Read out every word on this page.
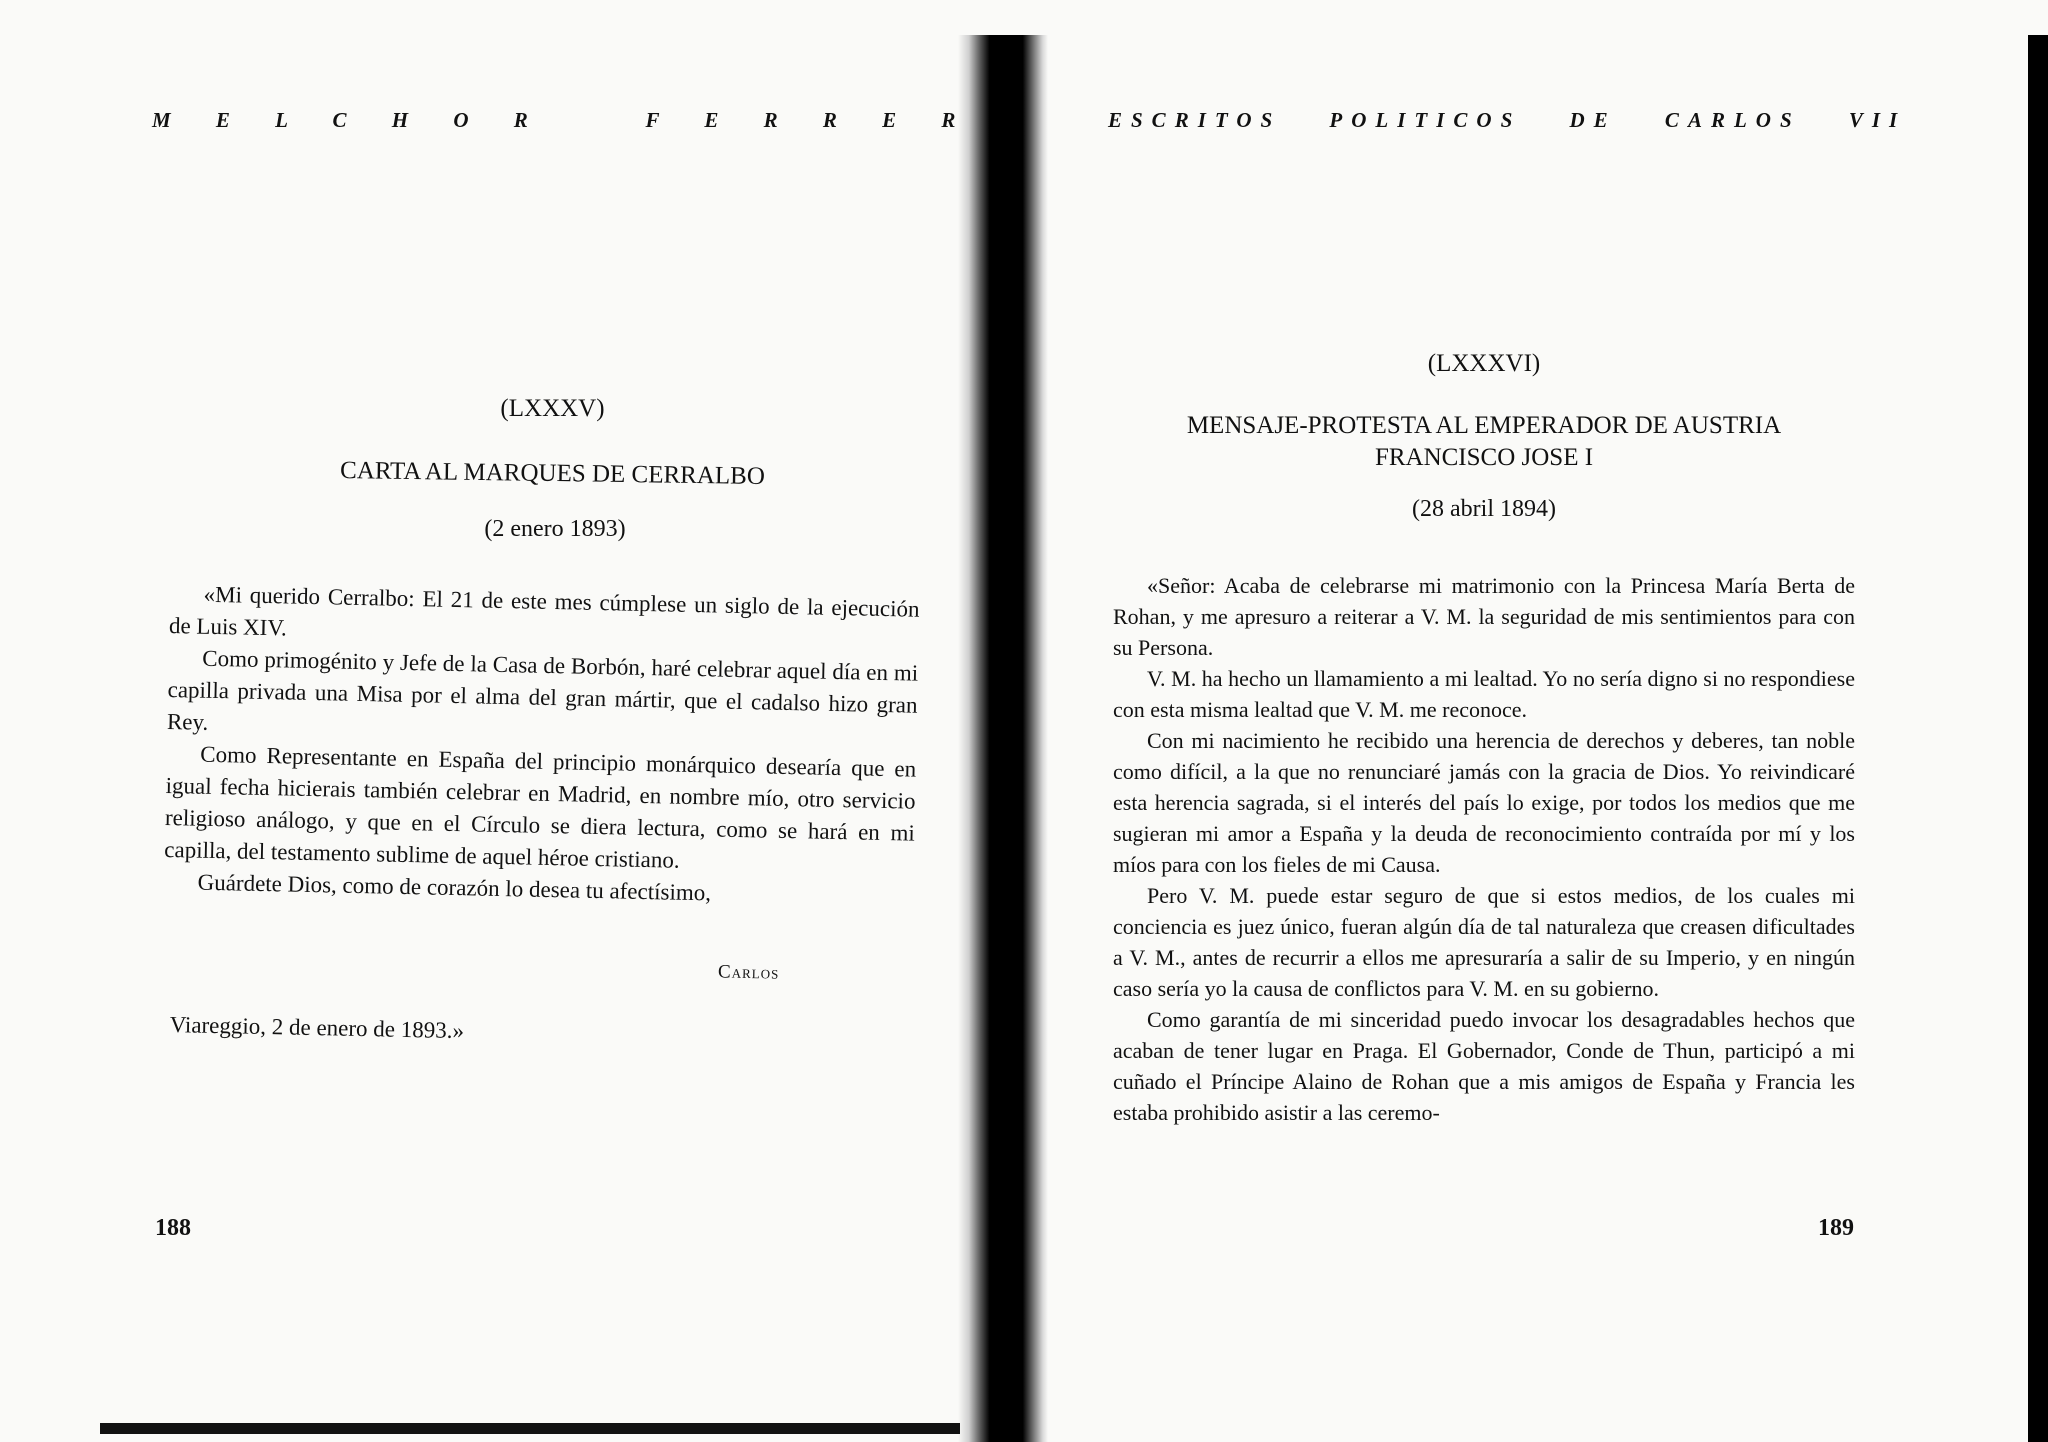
M E L C H O R   F E R R E R
(LXXXV)
CARTA AL MARQUES DE CERRALBO
(2 enero 1893)

«Mi querido Cerralbo: El 21 de este mes cúmplese un siglo de la ejecución de Luis XIV.

Como primogénito y Jefe de la Casa de Borbón, haré celebrar aquel día en mi capilla privada una Misa por el alma del gran mártir, que el cadalso hizo gran Rey.

Como Representante en España del principio monárquico desearía que en igual fecha hicierais también celebrar en Madrid, en nombre mío, otro servicio religioso análogo, y que en el Círculo se diera lectura, como se hará en mi capilla, del testamento sublime de aquel héroe cristiano.

Guárdete Dios, como de corazón lo desea tu afectísimo,

Carlos
Viareggio, 2 de enero de 1893.»
188
ESCRITOS POLITICOS DE CARLOS VII
(LXXXVI)
MENSAJE-PROTESTA AL EMPERADOR DE AUSTRIA
FRANCISCO JOSE I
(28 abril 1894)

«Señor: Acaba de celebrarse mi matrimonio con la Princesa María Berta de Rohan, y me apresuro a reiterar a V. M. la seguridad de mis sentimientos para con su Persona.

V. M. ha hecho un llamamiento a mi lealtad. Yo no sería digno si no respondiese con esta misma lealtad que V. M. me reconoce.

Con mi nacimiento he recibido una herencia de derechos y deberes, tan noble como difícil, a la que no renunciaré jamás con la gracia de Dios. Yo reivindicaré esta herencia sagrada, si el interés del país lo exige, por todos los medios que me sugieran mi amor a España y la deuda de reconocimiento contraída por mí y los míos para con los fieles de mi Causa.

Pero V. M. puede estar seguro de que si estos medios, de los cuales mi conciencia es juez único, fueran algún día de tal naturaleza que creasen dificultades a V. M., antes de recurrir a ellos me apresuraría a salir de su Imperio, y en ningún caso sería yo la causa de conflictos para V. M. en su gobierno.

Como garantía de mi sinceridad puedo invocar los desagradables hechos que acaban de tener lugar en Praga. El Gobernador, Conde de Thun, participó a mi cuñado el Príncipe Alaino de Rohan que a mis amigos de España y Francia les estaba prohibido asistir a las ceremo-

189
